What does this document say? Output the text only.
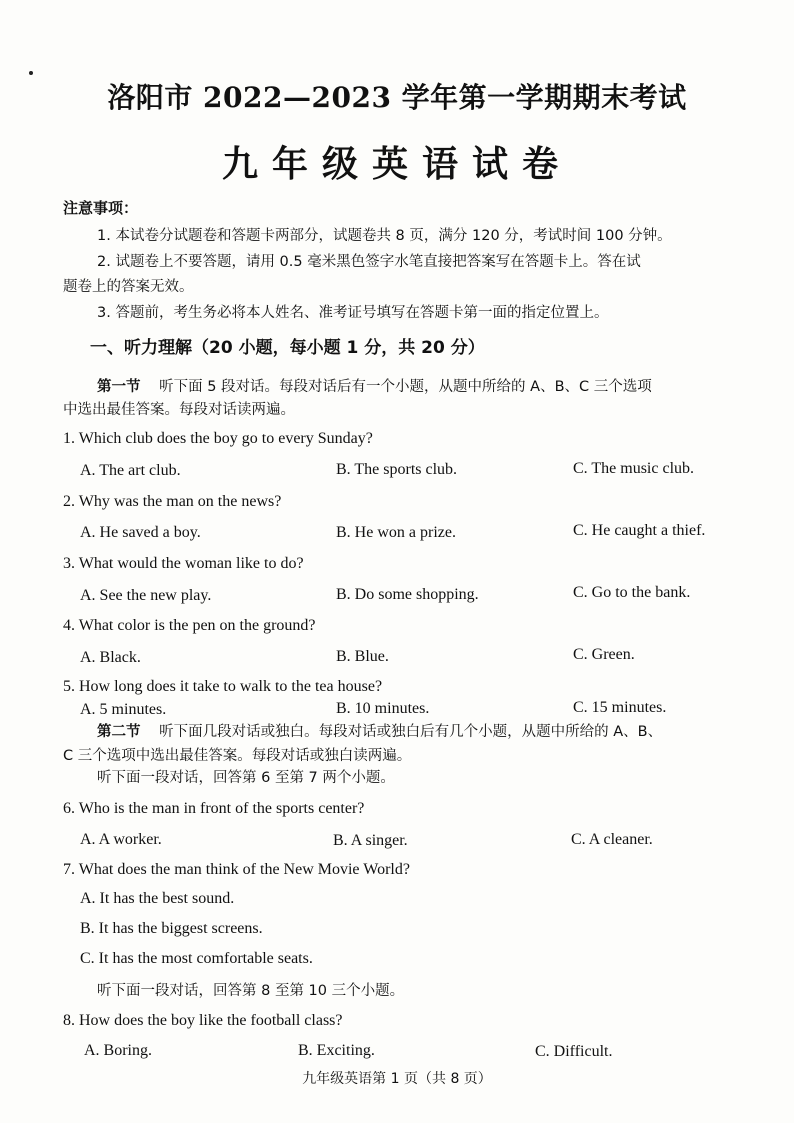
洛阳市 2022—2023 学年第一学期期末考试
九年级英语试卷
注意事项：
1. 本试卷分试题卷和答题卡两部分，试题卷共 8 页，满分 120 分，考试时间 100 分钟。
2. 试题卷上不要答题，请用 0.5 毫米黑色签字水笔直接把答案写在答题卡上。答在试
题卷上的答案无效。
3. 答题前，考生务必将本人姓名、准考证号填写在答题卡第一面的指定位置上。
一、听力理解（20 小题，每小题 1 分，共 20 分）
第一节 听下面 5 段对话。每段对话后有一个小题，从题中所给的 A、B、C 三个选项
中选出最佳答案。每段对话读两遍。
1. Which club does the boy go to every Sunday?
A. The art club.	B. The sports club.	C. The music club.
2. Why was the man on the news?
A. He saved a boy.	B. He won a prize.	C. He caught a thief.
3. What would the woman like to do?
A. See the new play.	B. Do some shopping.	C. Go to the bank.
4. What color is the pen on the ground?
A. Black.	B. Blue.	C. Green.
5. How long does it take to walk to the tea house?
A. 5 minutes.	B. 10 minutes.	C. 15 minutes.
第二节 听下面几段对话或独白。每段对话或独白后有几个小题，从题中所给的 A、B、
C 三个选项中选出最佳答案。每段对话或独白读两遍。
听下面一段对话，回答第 6 至第 7 两个小题。
6. Who is the man in front of the sports center?
A. A worker.	B. A singer.	C. A cleaner.
7. What does the man think of the New Movie World?
A. It has the best sound.
B. It has the biggest screens.
C. It has the most comfortable seats.
听下面一段对话，回答第 8 至第 10 三个小题。
8. How does the boy like the football class?
A. Boring.	B. Exciting.	C. Difficult.
九年级英语第 1 页（共 8 页）
